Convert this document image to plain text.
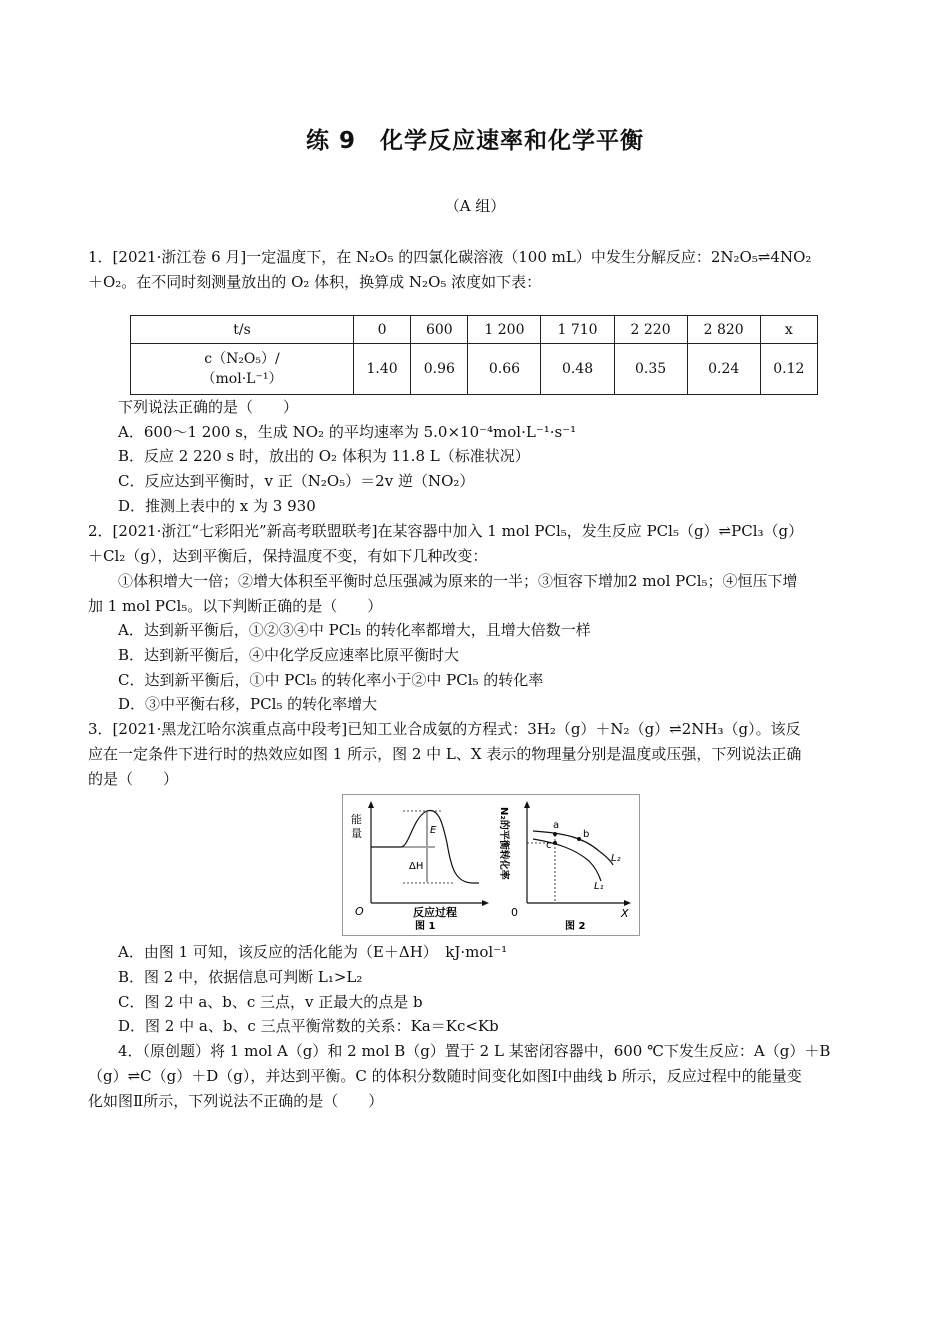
练 9　化学反应速率和化学平衡
（A 组）
1．[2021·浙江卷 6 月]一定温度下，在 N₂O₅ 的四氯化碳溶液（100 mL）中发生分解反应：2N₂O₅⇌4NO₂
＋O₂。在不同时刻测量放出的 O₂ 体积，换算成 N₂O₅ 浓度如下表：
t/s	0	600	1 200	1 710	2 220	2 820	x

c（N₂O₅）/
（mol·L⁻¹）	1.40	0.96	0.66	0.48	0.35	0.24	0.12
下列说法正确的是（　　）
A．600～1 200 s，生成 NO₂ 的平均速率为 5.0×10⁻⁴mol·L⁻¹·s⁻¹
B．反应 2 220 s 时，放出的 O₂ 体积为 11.8 L（标准状况）
C．反应达到平衡时，v 正（N₂O₅）＝2v 逆（NO₂）
D．推测上表中的 x 为 3 930
2．[2021·浙江“七彩阳光”新高考联盟联考]在某容器中加入 1 mol PCl₅，发生反应 PCl₅（g）⇌PCl₃（g）
＋Cl₂（g），达到平衡后，保持温度不变，有如下几种改变：
①体积增大一倍；②增大体积至平衡时总压强减为原来的一半；③恒容下增加2 mol PCl₅；④恒压下增
加 1 mol PCl₅。以下判断正确的是（　　）
A．达到新平衡后，①②③④中 PCl₅ 的转化率都增大，且增大倍数一样
B．达到新平衡后，④中化学反应速率比原平衡时大
C．达到新平衡后，①中 PCl₅ 的转化率小于②中 PCl₅ 的转化率
D．③中平衡右移，PCl₅ 的转化率增大
3．[2021·黑龙江哈尔滨重点高中段考]已知工业合成氨的方程式：3H₂（g）＋N₂（g）⇌2NH₃（g）。该反
应在一定条件下进行时的热效应如图 1 所示，图 2 中 L、X 表示的物理量分别是温度或压强，下列说法正确
的是（　　）
能
量
O	反应过程
图 1
E
ΔH	N₂的平衡转化率
0	X
图 2
a
b
c
L₂
L₁
A．由图 1 可知，该反应的活化能为（E＋ΔH）　kJ·mol⁻¹
B．图 2 中，依据信息可判断 L₁>L₂
C．图 2 中 a、b、c 三点，v 正最大的点是 b
D．图 2 中 a、b、c 三点平衡常数的关系：Ka＝Kc<Kb
4．（原创题）将 1 mol A（g）和 2 mol B（g）置于 2 L 某密闭容器中，600 ℃下发生反应：A（g）＋B
（g）⇌C（g）＋D（g），并达到平衡。C 的体积分数随时间变化如图Ⅰ中曲线 b 所示，反应过程中的能量变
化如图Ⅱ所示，下列说法不正确的是（　　）
